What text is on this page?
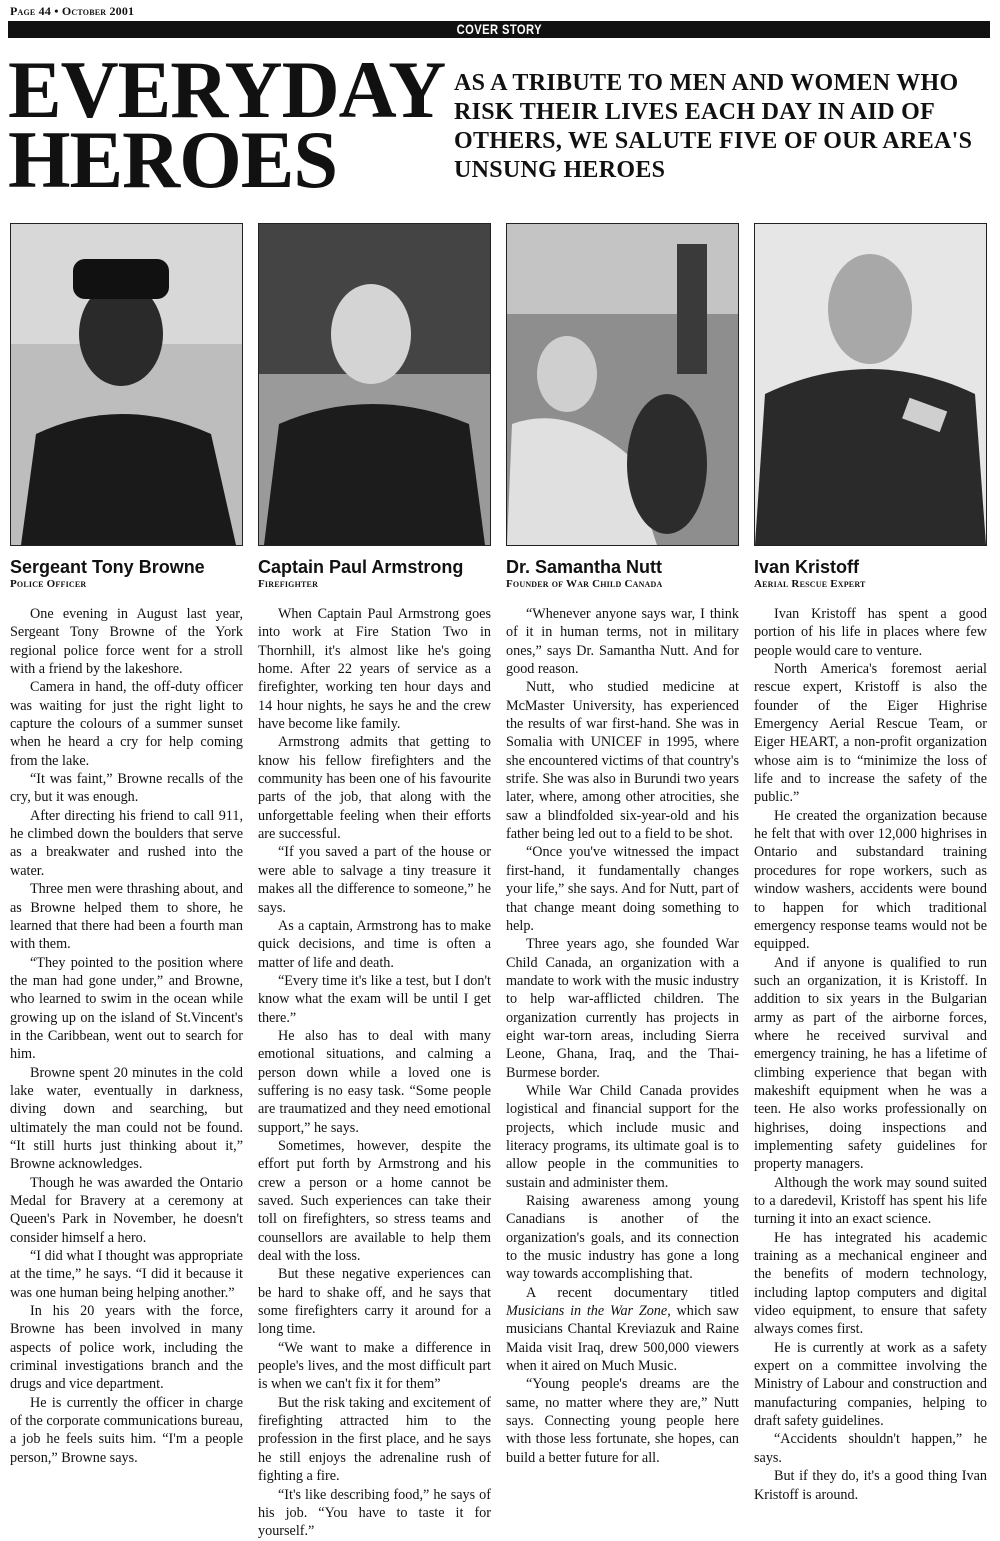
Page 44 • October 2001
COVER STORY
EVERYDAY
HEROES
AS A TRIBUTE TO MEN AND WOMEN WHO RISK THEIR LIVES EACH DAY IN AID OF OTHERS, WE SALUTE FIVE OF OUR AREA'S UNSUNG HEROES
Sergeant Tony Browne
Police Officer

One evening in August last year, Sergeant Tony Browne of the York regional police force went for a stroll with a friend by the lakeshore.

Camera in hand, the off-duty officer was waiting for just the right light to capture the colours of a summer sunset when he heard a cry for help coming from the lake.

“It was faint,” Browne recalls of the cry, but it was enough.

After directing his friend to call 911, he climbed down the boulders that serve as a breakwater and rushed into the water.

Three men were thrashing about, and as Browne helped them to shore, he learned that there had been a fourth man with them.

“They pointed to the position where the man had gone under,” and Browne, who learned to swim in the ocean while growing up on the island of St.Vincent's in the Caribbean, went out to search for him.

Browne spent 20 minutes in the cold lake water, eventually in darkness, diving down and searching, but ultimately the man could not be found. “It still hurts just thinking about it,” Browne acknowledges.

Though he was awarded the Ontario Medal for Bravery at a ceremony at Queen's Park in November, he doesn't consider himself a hero.

“I did what I thought was appropriate at the time,” he says. “I did it because it was one human being helping another.”

In his 20 years with the force, Browne has been involved in many aspects of police work, including the criminal investigations branch and the drugs and vice department.

He is currently the officer in charge of the corporate communications bureau, a job he feels suits him. “I'm a people person,” Browne says.

Captain Paul Armstrong
Firefighter

When Captain Paul Armstrong goes into work at Fire Station Two in Thornhill, it's almost like he's going home. After 22 years of service as a firefighter, working ten hour days and 14 hour nights, he says he and the crew have become like family.

Armstrong admits that getting to know his fellow firefighters and the community has been one of his favourite parts of the job, that along with the unforgettable feeling when their efforts are successful.

“If you saved a part of the house or were able to salvage a tiny treasure it makes all the difference to someone,” he says.

As a captain, Armstrong has to make quick decisions, and time is often a matter of life and death.

“Every time it's like a test, but I don't know what the exam will be until I get there.”

He also has to deal with many emotional situations, and calming a person down while a loved one is suffering is no easy task. “Some people are traumatized and they need emotional support,” he says.

Sometimes, however, despite the effort put forth by Armstrong and his crew a person or a home cannot be saved. Such experiences can take their toll on firefighters, so stress teams and counsellors are available to help them deal with the loss.

But these negative experiences can be hard to shake off, and he says that some firefighters carry it around for a long time.

“We want to make a difference in people's lives, and the most difficult part is when we can't fix it for them”

But the risk taking and excitement of firefighting attracted him to the profession in the first place, and he says he still enjoys the adrenaline rush of fighting a fire.

“It's like describing food,” he says of his job. “You have to taste it for yourself.”

Dr. Samantha Nutt
Founder of War Child Canada

“Whenever anyone says war, I think of it in human terms, not in military ones,” says Dr. Samantha Nutt. And for good reason.

Nutt, who studied medicine at McMaster University, has experienced the results of war first-hand. She was in Somalia with UNICEF in 1995, where she encountered victims of that country's strife. She was also in Burundi two years later, where, among other atrocities, she saw a blindfolded six-year-old and his father being led out to a field to be shot.

“Once you've witnessed the impact first-hand, it fundamentally changes your life,” she says. And for Nutt, part of that change meant doing something to help.

Three years ago, she founded War Child Canada, an organization with a mandate to work with the music industry to help war-afflicted children. The organization currently has projects in eight war-torn areas, including Sierra Leone, Ghana, Iraq, and the Thai-Burmese border.

While War Child Canada provides logistical and financial support for the projects, which include music and literacy programs, its ultimate goal is to allow people in the communities to sustain and administer them.

Raising awareness among young Canadians is another of the organization's goals, and its connection to the music industry has gone a long way towards accomplishing that.

A recent documentary titled Musicians in the War Zone, which saw musicians Chantal Kreviazuk and Raine Maida visit Iraq, drew 500,000 viewers when it aired on Much Music.

“Young people's dreams are the same, no matter where they are,” Nutt says. Connecting young people here with those less fortunate, she hopes, can build a better future for all.

Ivan Kristoff
Aerial Rescue Expert

Ivan Kristoff has spent a good portion of his life in places where few people would care to venture.

North America's foremost aerial rescue expert, Kristoff is also the founder of the Eiger Highrise Emergency Aerial Rescue Team, or Eiger HEART, a non-profit organization whose aim is to “minimize the loss of life and to increase the safety of the public.”

He created the organization because he felt that with over 12,000 highrises in Ontario and substandard training procedures for rope workers, such as window washers, accidents were bound to happen for which traditional emergency response teams would not be equipped.

And if anyone is qualified to run such an organization, it is Kristoff. In addition to six years in the Bulgarian army as part of the airborne forces, where he received survival and emergency training, he has a lifetime of climbing experience that began with makeshift equipment when he was a teen. He also works professionally on highrises, doing inspections and implementing safety guidelines for property managers.

Although the work may sound suited to a daredevil, Kristoff has spent his life turning it into an exact science.

He has integrated his academic training as a mechanical engineer and the benefits of modern technology, including laptop computers and digital video equipment, to ensure that safety always comes first.

He is currently at work as a safety expert on a committee involving the Ministry of Labour and construction and manufacturing companies, helping to draft safety guidelines.

“Accidents shouldn't happen,” he says.

But if they do, it's a good thing Ivan Kristoff is around.
